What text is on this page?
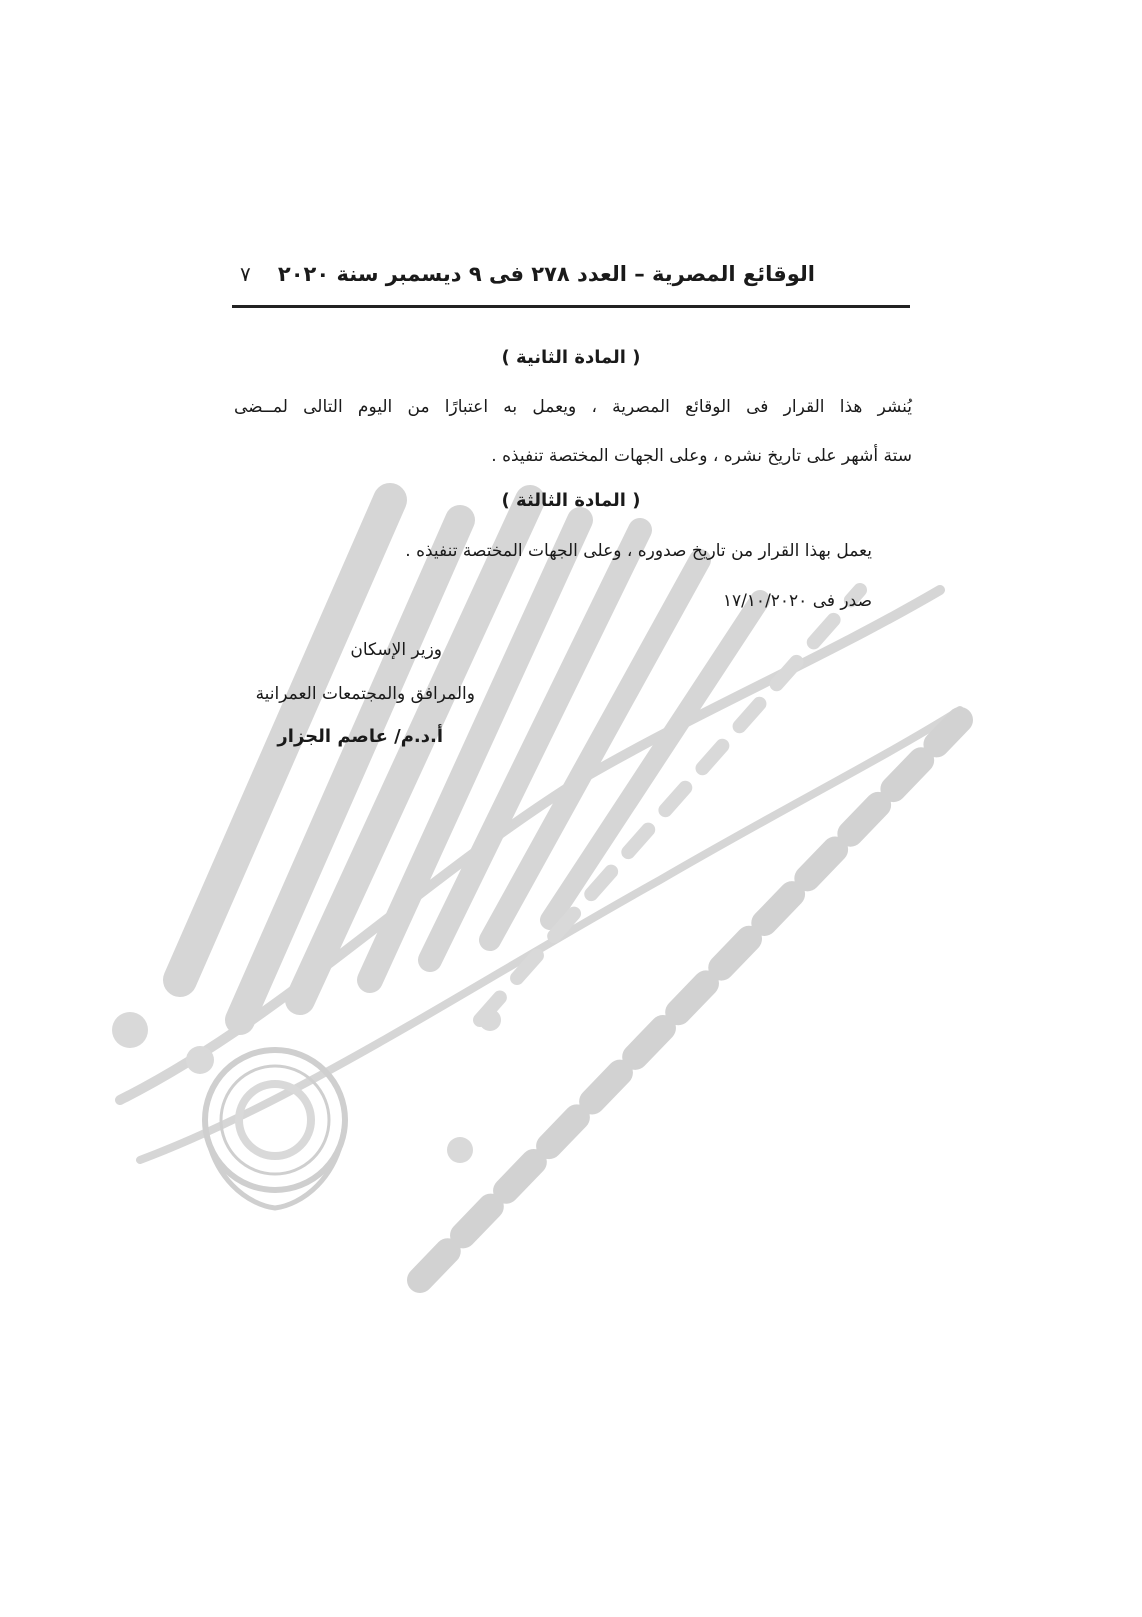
الوقائع المصرية – العدد ٢٧٨ فى ٩ ديسمبر سنة ٢٠٢٠
٧
( المادة الثانية )
يُنشر هذا القرار فى الوقائع المصرية ، ويعمل به اعتبارًا من اليوم التالى لمــضى
ستة أشهر على تاريخ نشره ، وعلى الجهات المختصة تنفيذه .
( المادة الثالثة )
يعمل بهذا القرار من تاريخ صدوره ، وعلى الجهات المختصة تنفيذه .
صدر فى ١٧/١٠/٢٠٢٠
وزير الإسكان
والمرافق والمجتمعات العمرانية
أ.د.م/ عاصم الجزار
